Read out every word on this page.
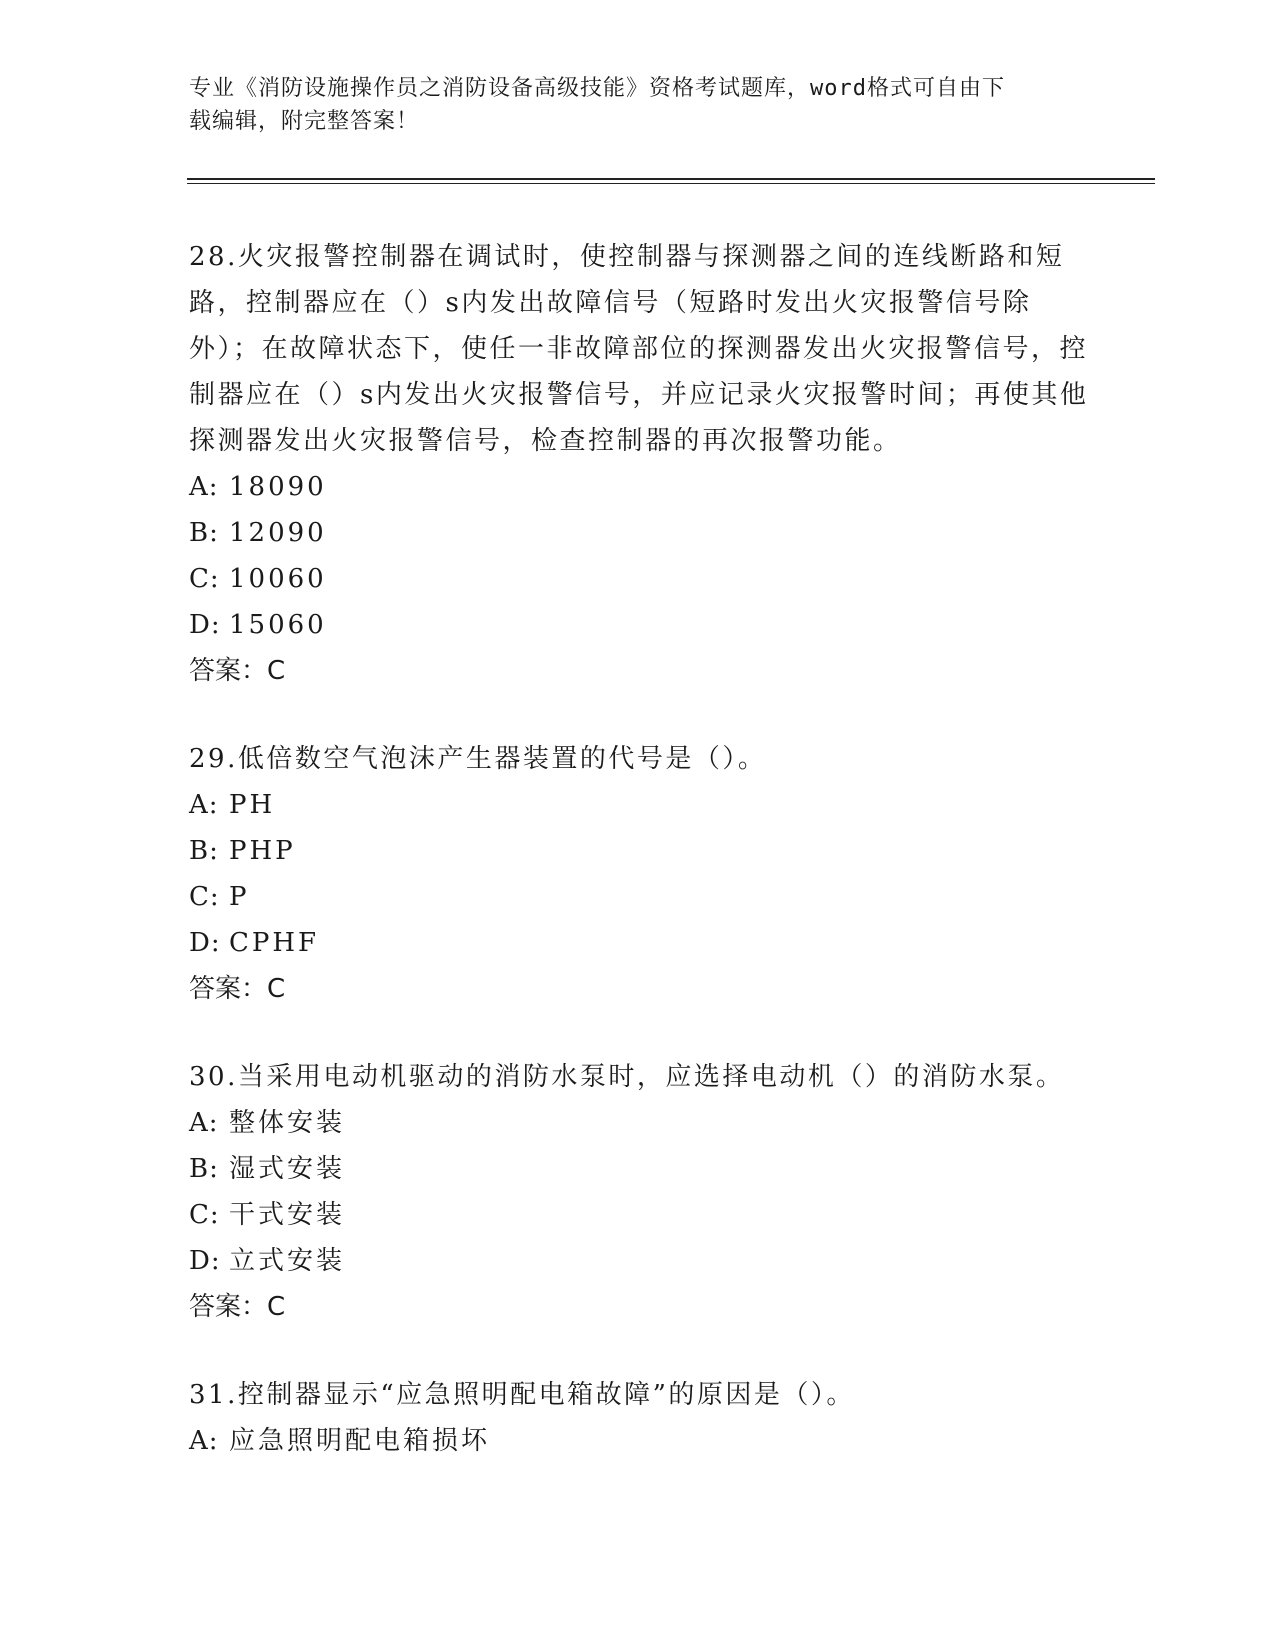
专业《消防设施操作员之消防设备高级技能》资格考试题库，word格式可自由下
载编辑，附完整答案！
28.火灾报警控制器在调试时，使控制器与探测器之间的连线断路和短路，控制器应在（）s内发出故障信号（短路时发出火灾报警信号除外）；在故障状态下，使任一非故障部位的探测器发出火灾报警信号，控制器应在（）s内发出火灾报警信号，并应记录火灾报警时间；再使其他探测器发出火灾报警信号，检查控制器的再次报警功能。
A: 18090
B: 12090
C: 10060
D: 15060
答案：C
29.低倍数空气泡沫产生器装置的代号是（）。
A: PH
B: PHP
C: P
D: CPHF
答案：C
30.当采用电动机驱动的消防水泵时，应选择电动机（）的消防水泵。
A: 整体安装
B: 湿式安装
C: 干式安装
D: 立式安装
答案：C
31.控制器显示“应急照明配电箱故障”的原因是（）。
A: 应急照明配电箱损坏
